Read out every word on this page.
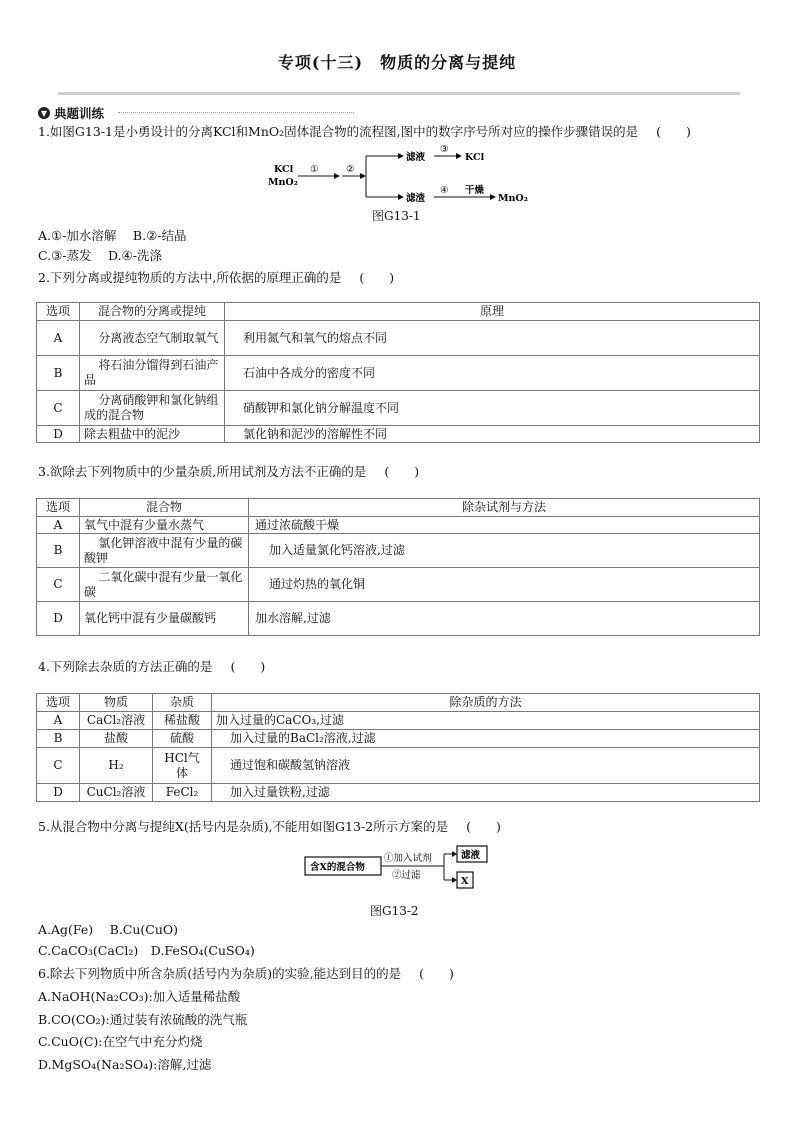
专项(十三)　物质的分离与提纯
▼ 典题训练
1.如图G13-1是小勇设计的分离KCl和MnO₂固体混合物的流程图,图中的数字序号所对应的操作步骤错误的是 (　　)
KCl
MnO₂
①	②
滤液
③
KCl
滤渣
④ 干燥
MnO₂
图G13-1
A.①-加水溶解　 B.②-结晶
C.③-蒸发　 D.④-洗涤
2.下列分离或提纯物质的方法中,所依据的原理正确的是 (　　)
选项	混合物的分离或提纯	原理
A	分离液态空气制取氧气	利用氮气和氧气的熔点不同
B	将石油分馏得到石油产品	石油中各成分的密度不同
C	分离硝酸钾和氯化钠组成的混合物	硝酸钾和氯化钠分解温度不同
D	除去粗盐中的泥沙	氯化钠和泥沙的溶解性不同
3.欲除去下列物质中的少量杂质,所用试剂及方法不正确的是 (　　)
选项	混合物	除杂试剂与方法
A	氧气中混有少量水蒸气	通过浓硫酸干燥
B	氯化钾溶液中混有少量的碳酸钾	加入适量氯化钙溶液,过滤
C	二氧化碳中混有少量一氧化碳	通过灼热的氧化铜
D	氧化钙中混有少量碳酸钙	加水溶解,过滤
4.下列除去杂质的方法正确的是 (　　)
选项	物质	杂质	除杂质的方法
A	CaCl₂溶液	稀盐酸	加入过量的CaCO₃,过滤
B	盐酸	硫酸	加入过量的BaCl₂溶液,过滤
C	H₂	HCl气体	通过饱和碳酸氢钠溶液
D	CuCl₂溶液	FeCl₂	加入过量铁粉,过滤
5.从混合物中分离与提纯X(括号内是杂质),不能用如图G13-2所示方案的是 (　　)
含X的混合物
①加入试剂
②过滤
滤液
X
图G13-2
A.Ag(Fe)　 B.Cu(CuO)
C.CaCO₃(CaCl₂)　D.FeSO₄(CuSO₄)
6.除去下列物质中所含杂质(括号内为杂质)的实验,能达到目的的是 (　　)
A.NaOH(Na₂CO₃):加入适量稀盐酸
B.CO(CO₂):通过装有浓硫酸的洗气瓶
C.CuO(C):在空气中充分灼烧
D.MgSO₄(Na₂SO₄):溶解,过滤
